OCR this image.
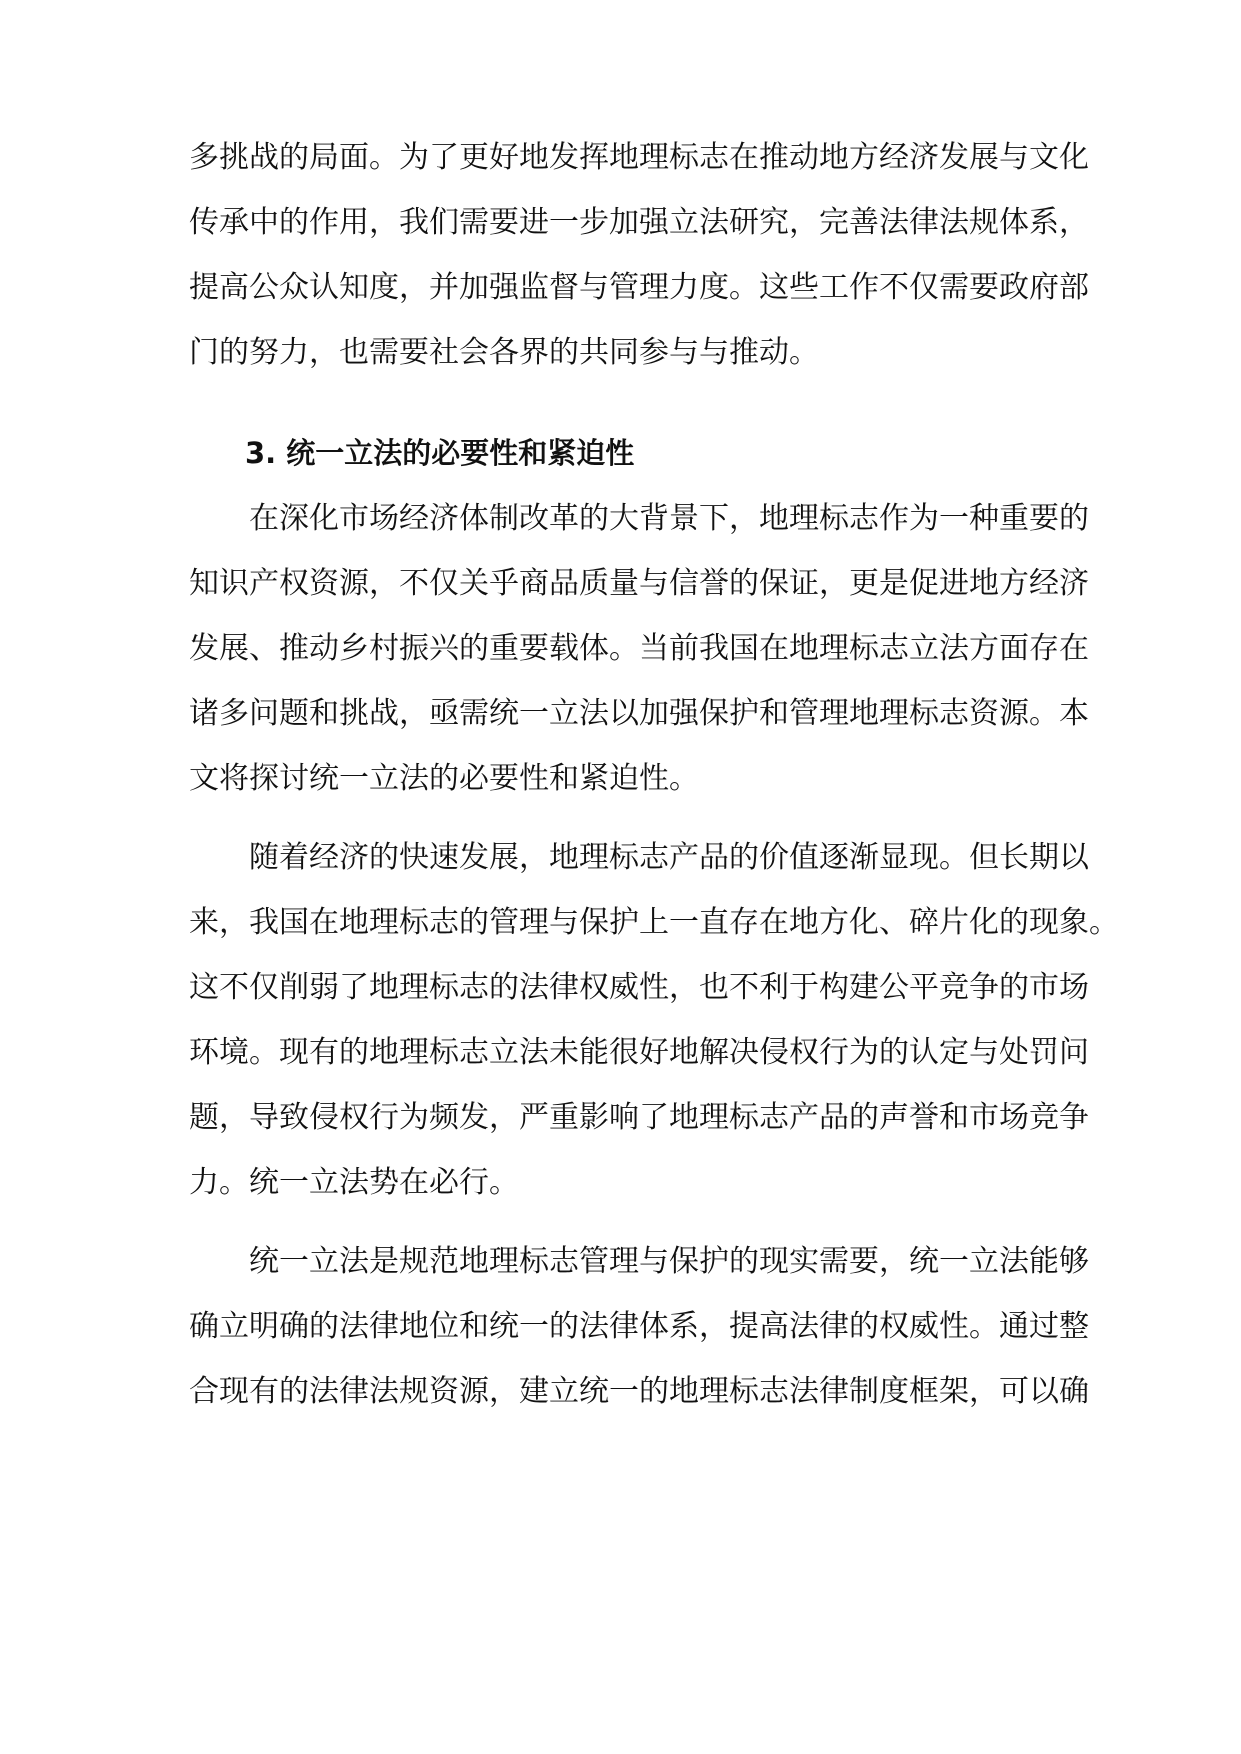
多挑战的局面。为了更好地发挥地理标志在推动地方经济发展与文化
传承中的作用，我们需要进一步加强立法研究，完善法律法规体系，
提高公众认知度，并加强监督与管理力度。这些工作不仅需要政府部
门的努力，也需要社会各界的共同参与与推动。
3. 统一立法的必要性和紧迫性
在深化市场经济体制改革的大背景下，地理标志作为一种重要的
知识产权资源，不仅关乎商品质量与信誉的保证，更是促进地方经济
发展、推动乡村振兴的重要载体。当前我国在地理标志立法方面存在
诸多问题和挑战，亟需统一立法以加强保护和管理地理标志资源。本
文将探讨统一立法的必要性和紧迫性。
随着经济的快速发展，地理标志产品的价值逐渐显现。但长期以
来，我国在地理标志的管理与保护上一直存在地方化、碎片化的现象。
这不仅削弱了地理标志的法律权威性，也不利于构建公平竞争的市场
环境。现有的地理标志立法未能很好地解决侵权行为的认定与处罚问
题，导致侵权行为频发，严重影响了地理标志产品的声誉和市场竞争
力。统一立法势在必行。
统一立法是规范地理标志管理与保护的现实需要，统一立法能够
确立明确的法律地位和统一的法律体系，提高法律的权威性。通过整
合现有的法律法规资源，建立统一的地理标志法律制度框架，可以确
